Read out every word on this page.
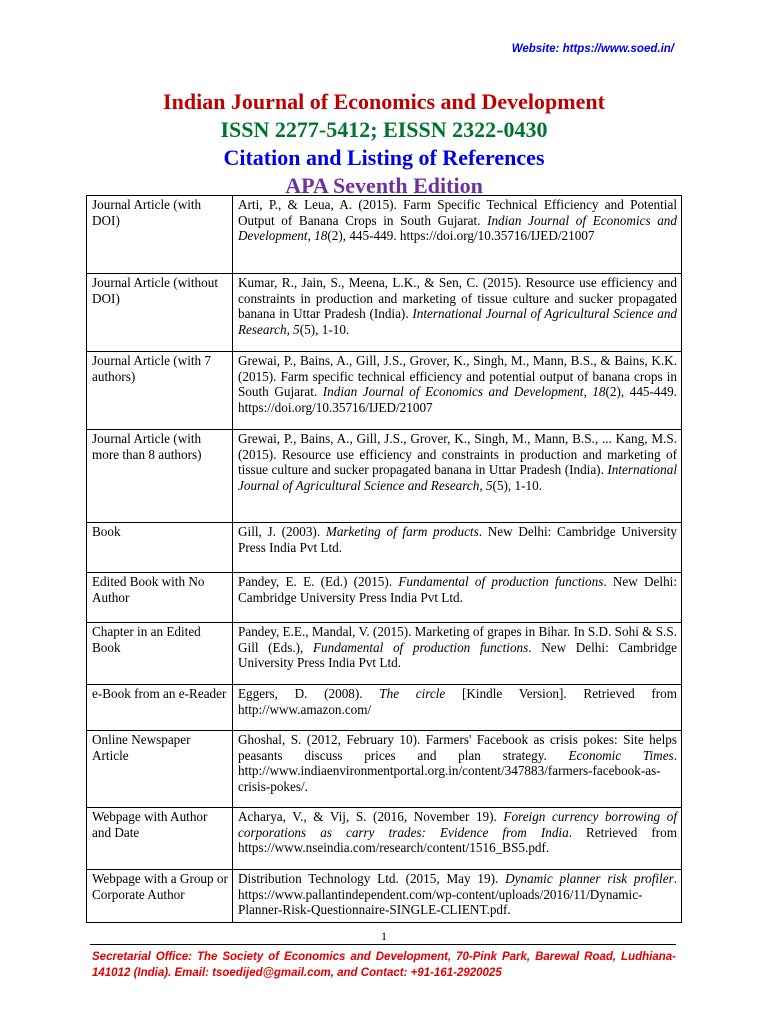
Website: https://www.soed.in/
Indian Journal of Economics and Development
ISSN 2277-5412; EISSN 2322-0430
Citation and Listing of References
APA Seventh Edition
Journal Article (with DOI)	Arti, P., & Leua, A. (2015). Farm Specific Technical Efficiency and Potential Output of Banana Crops in South Gujarat. Indian Journal of Economics and Development, 18(2), 445-449. https://doi.org/10.35716/IJED/21007
Journal Article (without DOI)	Kumar, R., Jain, S., Meena, L.K., & Sen, C. (2015). Resource use efficiency and constraints in production and marketing of tissue culture and sucker propagated banana in Uttar Pradesh (India). International Journal of Agricultural Science and Research, 5(5), 1-10.
Journal Article (with 7 authors)	Grewai, P., Bains, A., Gill, J.S., Grover, K., Singh, M., Mann, B.S., & Bains, K.K. (2015). Farm specific technical efficiency and potential output of banana crops in South Gujarat. Indian Journal of Economics and Development, 18(2), 445-449. https://doi.org/10.35716/IJED/21007
Journal Article (with more than 8 authors)	Grewai, P., Bains, A., Gill, J.S., Grover, K., Singh, M., Mann, B.S., ... Kang, M.S. (2015). Resource use efficiency and constraints in production and marketing of tissue culture and sucker propagated banana in Uttar Pradesh (India). International Journal of Agricultural Science and Research, 5(5), 1-10.
Book	Gill, J. (2003). Marketing of farm products. New Delhi: Cambridge University Press India Pvt Ltd.
Edited Book with No Author	Pandey, E. E. (Ed.) (2015). Fundamental of production functions. New Delhi: Cambridge University Press India Pvt Ltd.
Chapter in an Edited Book	Pandey, E.E., Mandal, V. (2015). Marketing of grapes in Bihar. In S.D. Sohi & S.S. Gill (Eds.), Fundamental of production functions. New Delhi: Cambridge University Press India Pvt Ltd.
e-Book from an e-Reader	Eggers, D. (2008). The circle [Kindle Version]. Retrieved from http://www.amazon.com/
Online Newspaper Article	Ghoshal, S. (2012, February 10). Farmers' Facebook as crisis pokes: Site helps peasants discuss prices and plan strategy. Economic Times. http://www.indiaenvironmentportal.org.in/content/347883/farmers-facebook-as-crisis-pokes/.
Webpage with Author and Date	Acharya, V., & Vij, S. (2016, November 19). Foreign currency borrowing of corporations as carry trades: Evidence from India. Retrieved from https://www.nseindia.com/research/content/1516_BS5.pdf.
Webpage with a Group or Corporate Author	Distribution Technology Ltd. (2015, May 19). Dynamic planner risk profiler. https://www.pallantindependent.com/wp-content/uploads/2016/11/Dynamic-Planner-Risk-Questionnaire-SINGLE-CLIENT.pdf.
1
Secretarial Office: The Society of Economics and Development, 70-Pink Park, Barewal Road, Ludhiana-141012 (India). Email: tsoedijed@gmail.com, and Contact: +91-161-2920025
